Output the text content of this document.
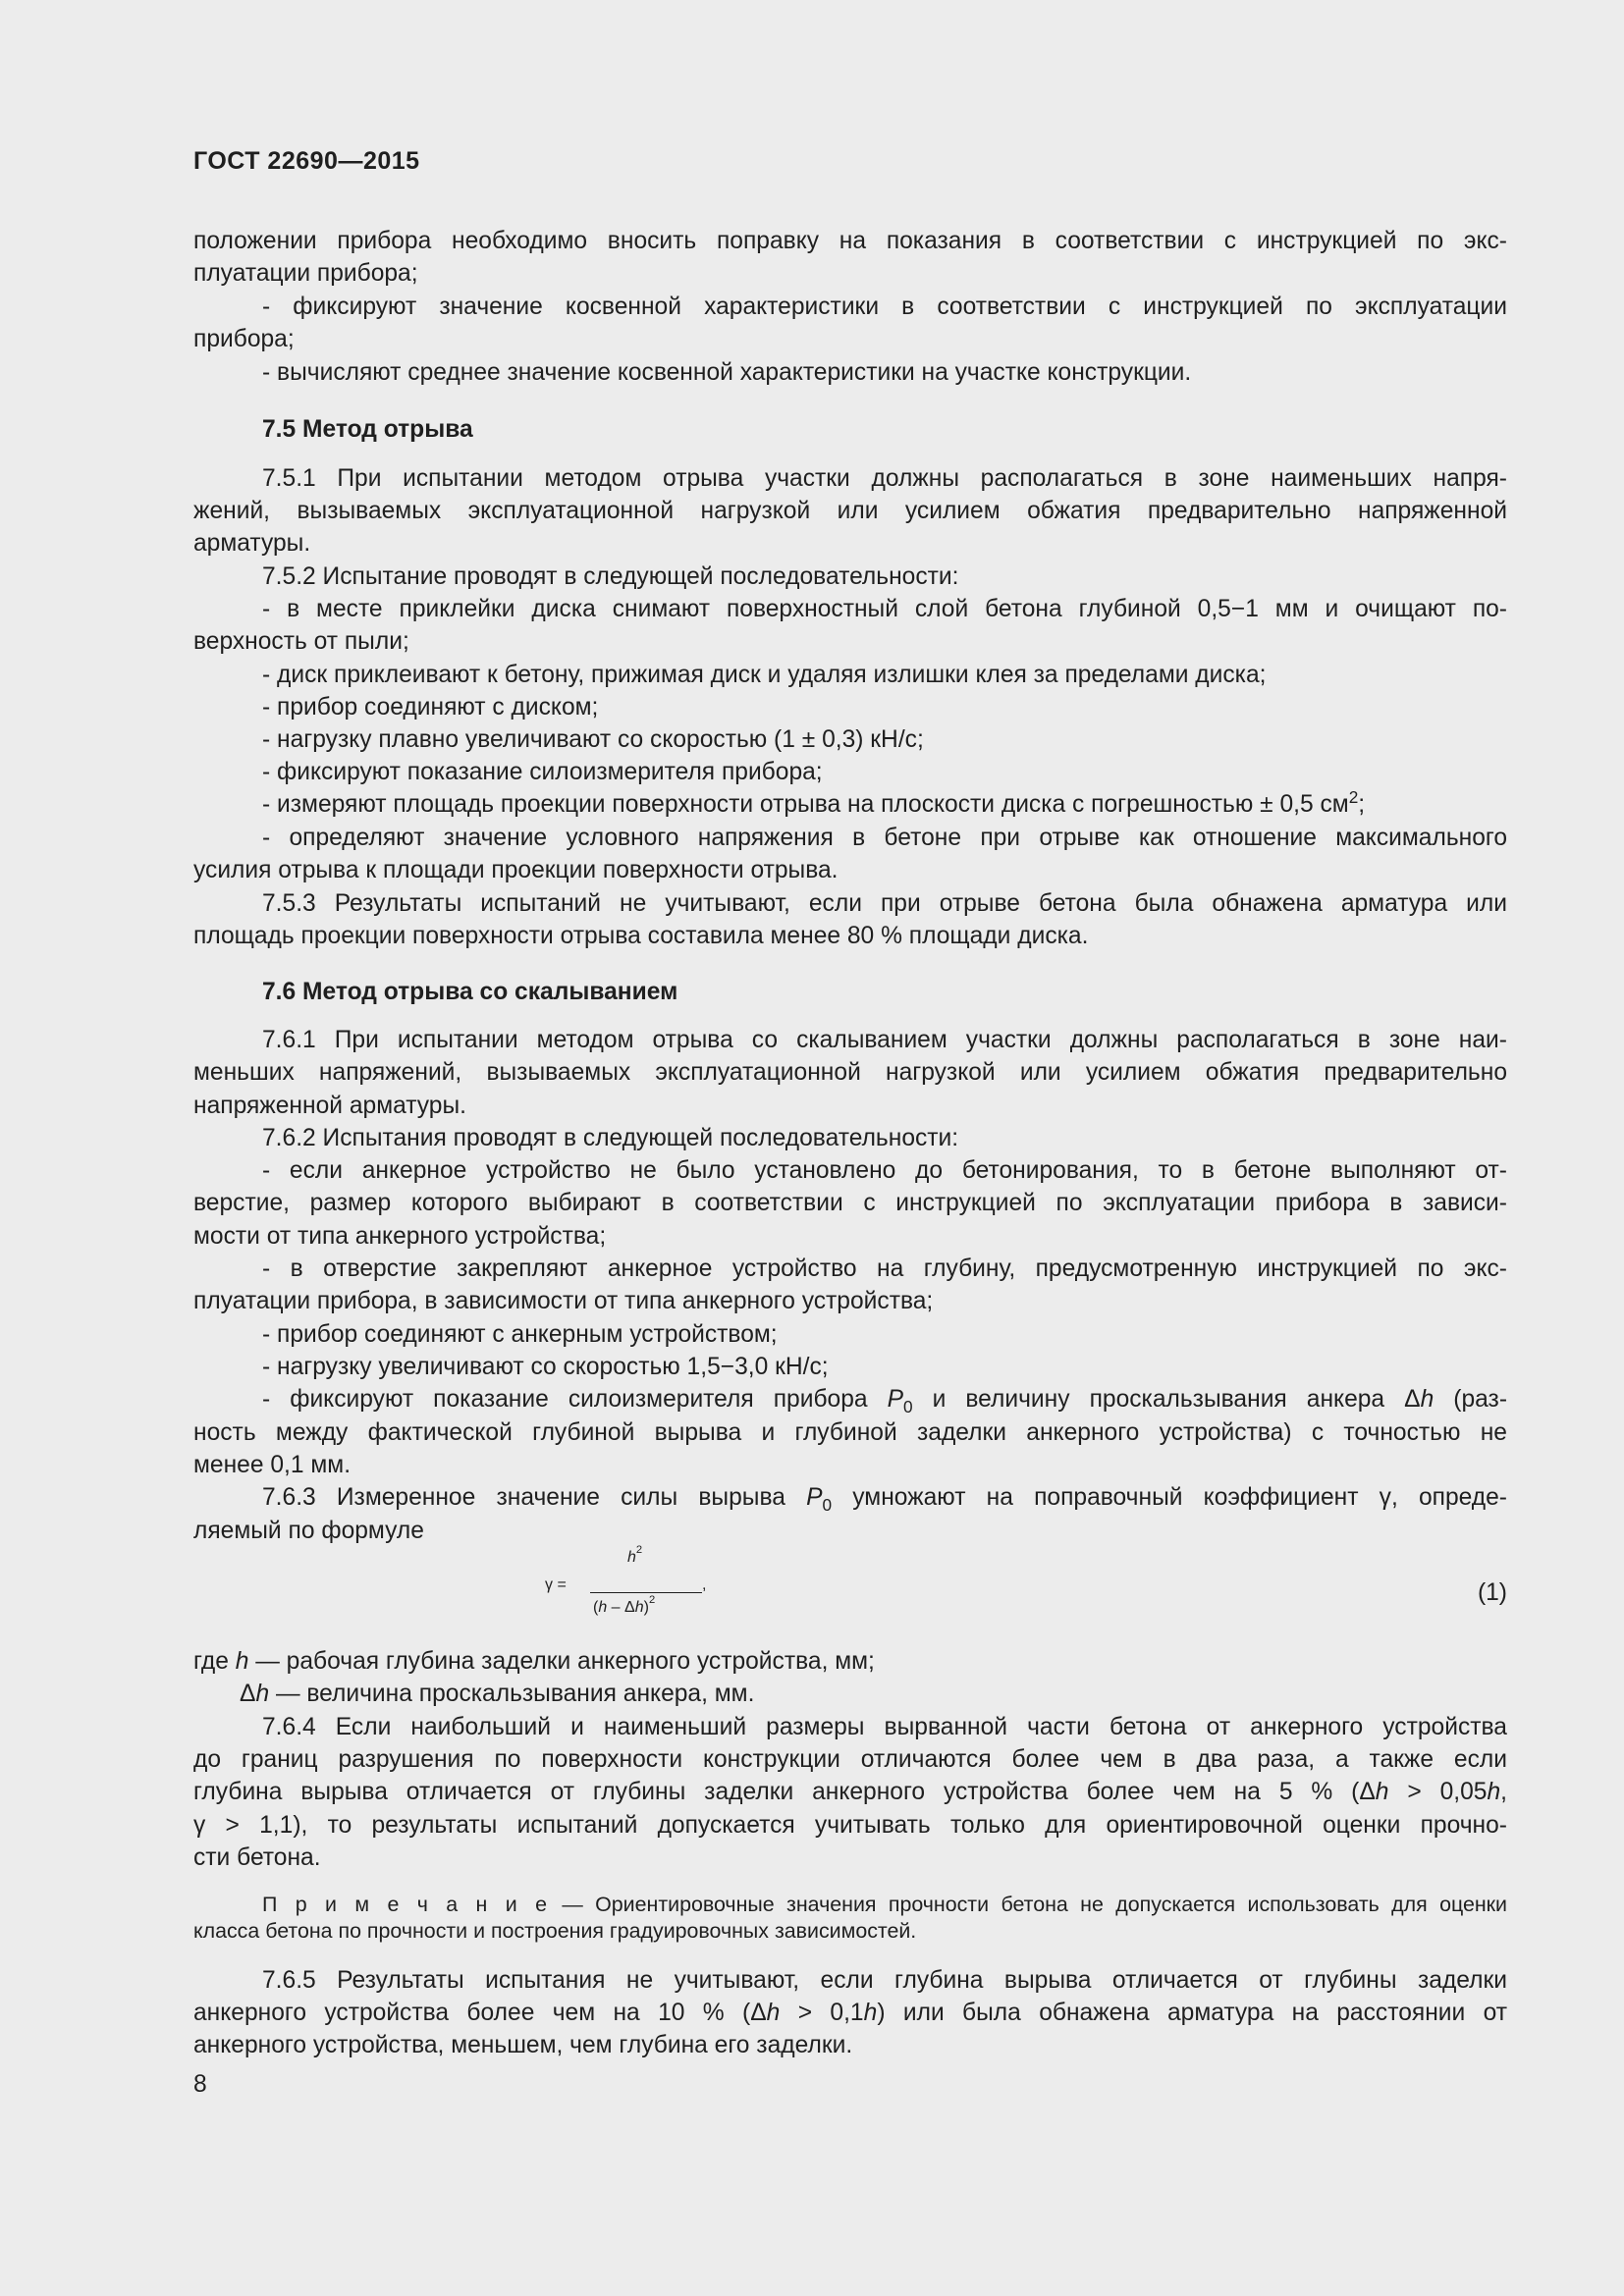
ГОСТ 22690—2015
положении прибора необходимо вносить поправку на показания в соответствии с инструкцией по экс-
плуатации прибора;
- фиксируют значение косвенной характеристики в соответствии с инструкцией по эксплуатации
прибора;
- вычисляют среднее значение косвенной характеристики на участке конструкции.
7.5 Метод отрыва
7.5.1 При испытании методом отрыва участки должны располагаться в зоне наименьших напря-
жений, вызываемых эксплуатационной нагрузкой или усилием обжатия предварительно напряженной
арматуры.
7.5.2 Испытание проводят в следующей последовательности:
- в месте приклейки диска снимают поверхностный слой бетона глубиной 0,5−1 мм и очищают по-
верхность от пыли;
- диск приклеивают к бетону, прижимая диск и удаляя излишки клея за пределами диска;
- прибор соединяют с диском;
- нагрузку плавно увеличивают со скоростью (1 ± 0,3) кН/с;
- фиксируют показание силоизмерителя прибора;
- измеряют площадь проекции поверхности отрыва на плоскости диска с погрешностью ± 0,5 $см^2$;
- определяют значение условного напряжения в бетоне при отрыве как отношение максимального
усилия отрыва к площади проекции поверхности отрыва.
7.5.3 Результаты испытаний не учитывают, если при отрыве бетона была обнажена арматура или
площадь проекции поверхности отрыва составила менее 80 % площади диска.
7.6 Метод отрыва со скалыванием
7.6.1 При испытании методом отрыва со скалыванием участки должны располагаться в зоне наи-
меньших напряжений, вызываемых эксплуатационной нагрузкой или усилием обжатия предварительно
напряженной арматуры.
7.6.2 Испытания проводят в следующей последовательности:
- если анкерное устройство не было установлено до бетонирования, то в бетоне выполняют от-
верстие, размер которого выбирают в соответствии с инструкцией по эксплуатации прибора в зависи-
мости от типа анкерного устройства;
- в отверстие закрепляют анкерное устройство на глубину, предусмотренную инструкцией по экс-
плуатации прибора, в зависимости от типа анкерного устройства;
- прибор соединяют с анкерным устройством;
- нагрузку увеличивают со скоростью 1,5−3,0 кН/с;
- фиксируют показание силоизмерителя прибора $P_0$ и величину проскальзывания анкера Δh (раз-
ность между фактической глубиной вырыва и глубиной заделки анкерного устройства) с точностью не
менее 0,1 мм.
7.6.3 Измеренное значение силы вырыва $P_0$ умножают на поправочный коэффициент γ, опреде-
ляемый по формуле
(1)
где h — рабочая глубина заделки анкерного устройства, мм;
Δh — величина проскальзывания анкера, мм.
7.6.4 Если наибольший и наименьший размеры вырванной части бетона от анкерного устройства
до границ разрушения по поверхности конструкции отличаются более чем в два раза, а также если
глубина вырыва отличается от глубины заделки анкерного устройства более чем на 5 % (Δh > 0,05h,
γ > 1,1), то результаты испытаний допускается учитывать только для ориентировочной оценки прочно-
сти бетона.
П р и м е ч а н и е — Ориентировочные значения прочности бетона не допускается использовать для оценки
класса бетона по прочности и построения градуировочных зависимостей.
7.6.5 Результаты испытания не учитывают, если глубина вырыва отличается от глубины заделки
анкерного устройства более чем на 10 % (Δh > 0,1h) или была обнажена арматура на расстоянии от
анкерного устройства, меньшем, чем глубина его заделки.
γ =
$h^2$
(h – Δh)$^2$
,
8
